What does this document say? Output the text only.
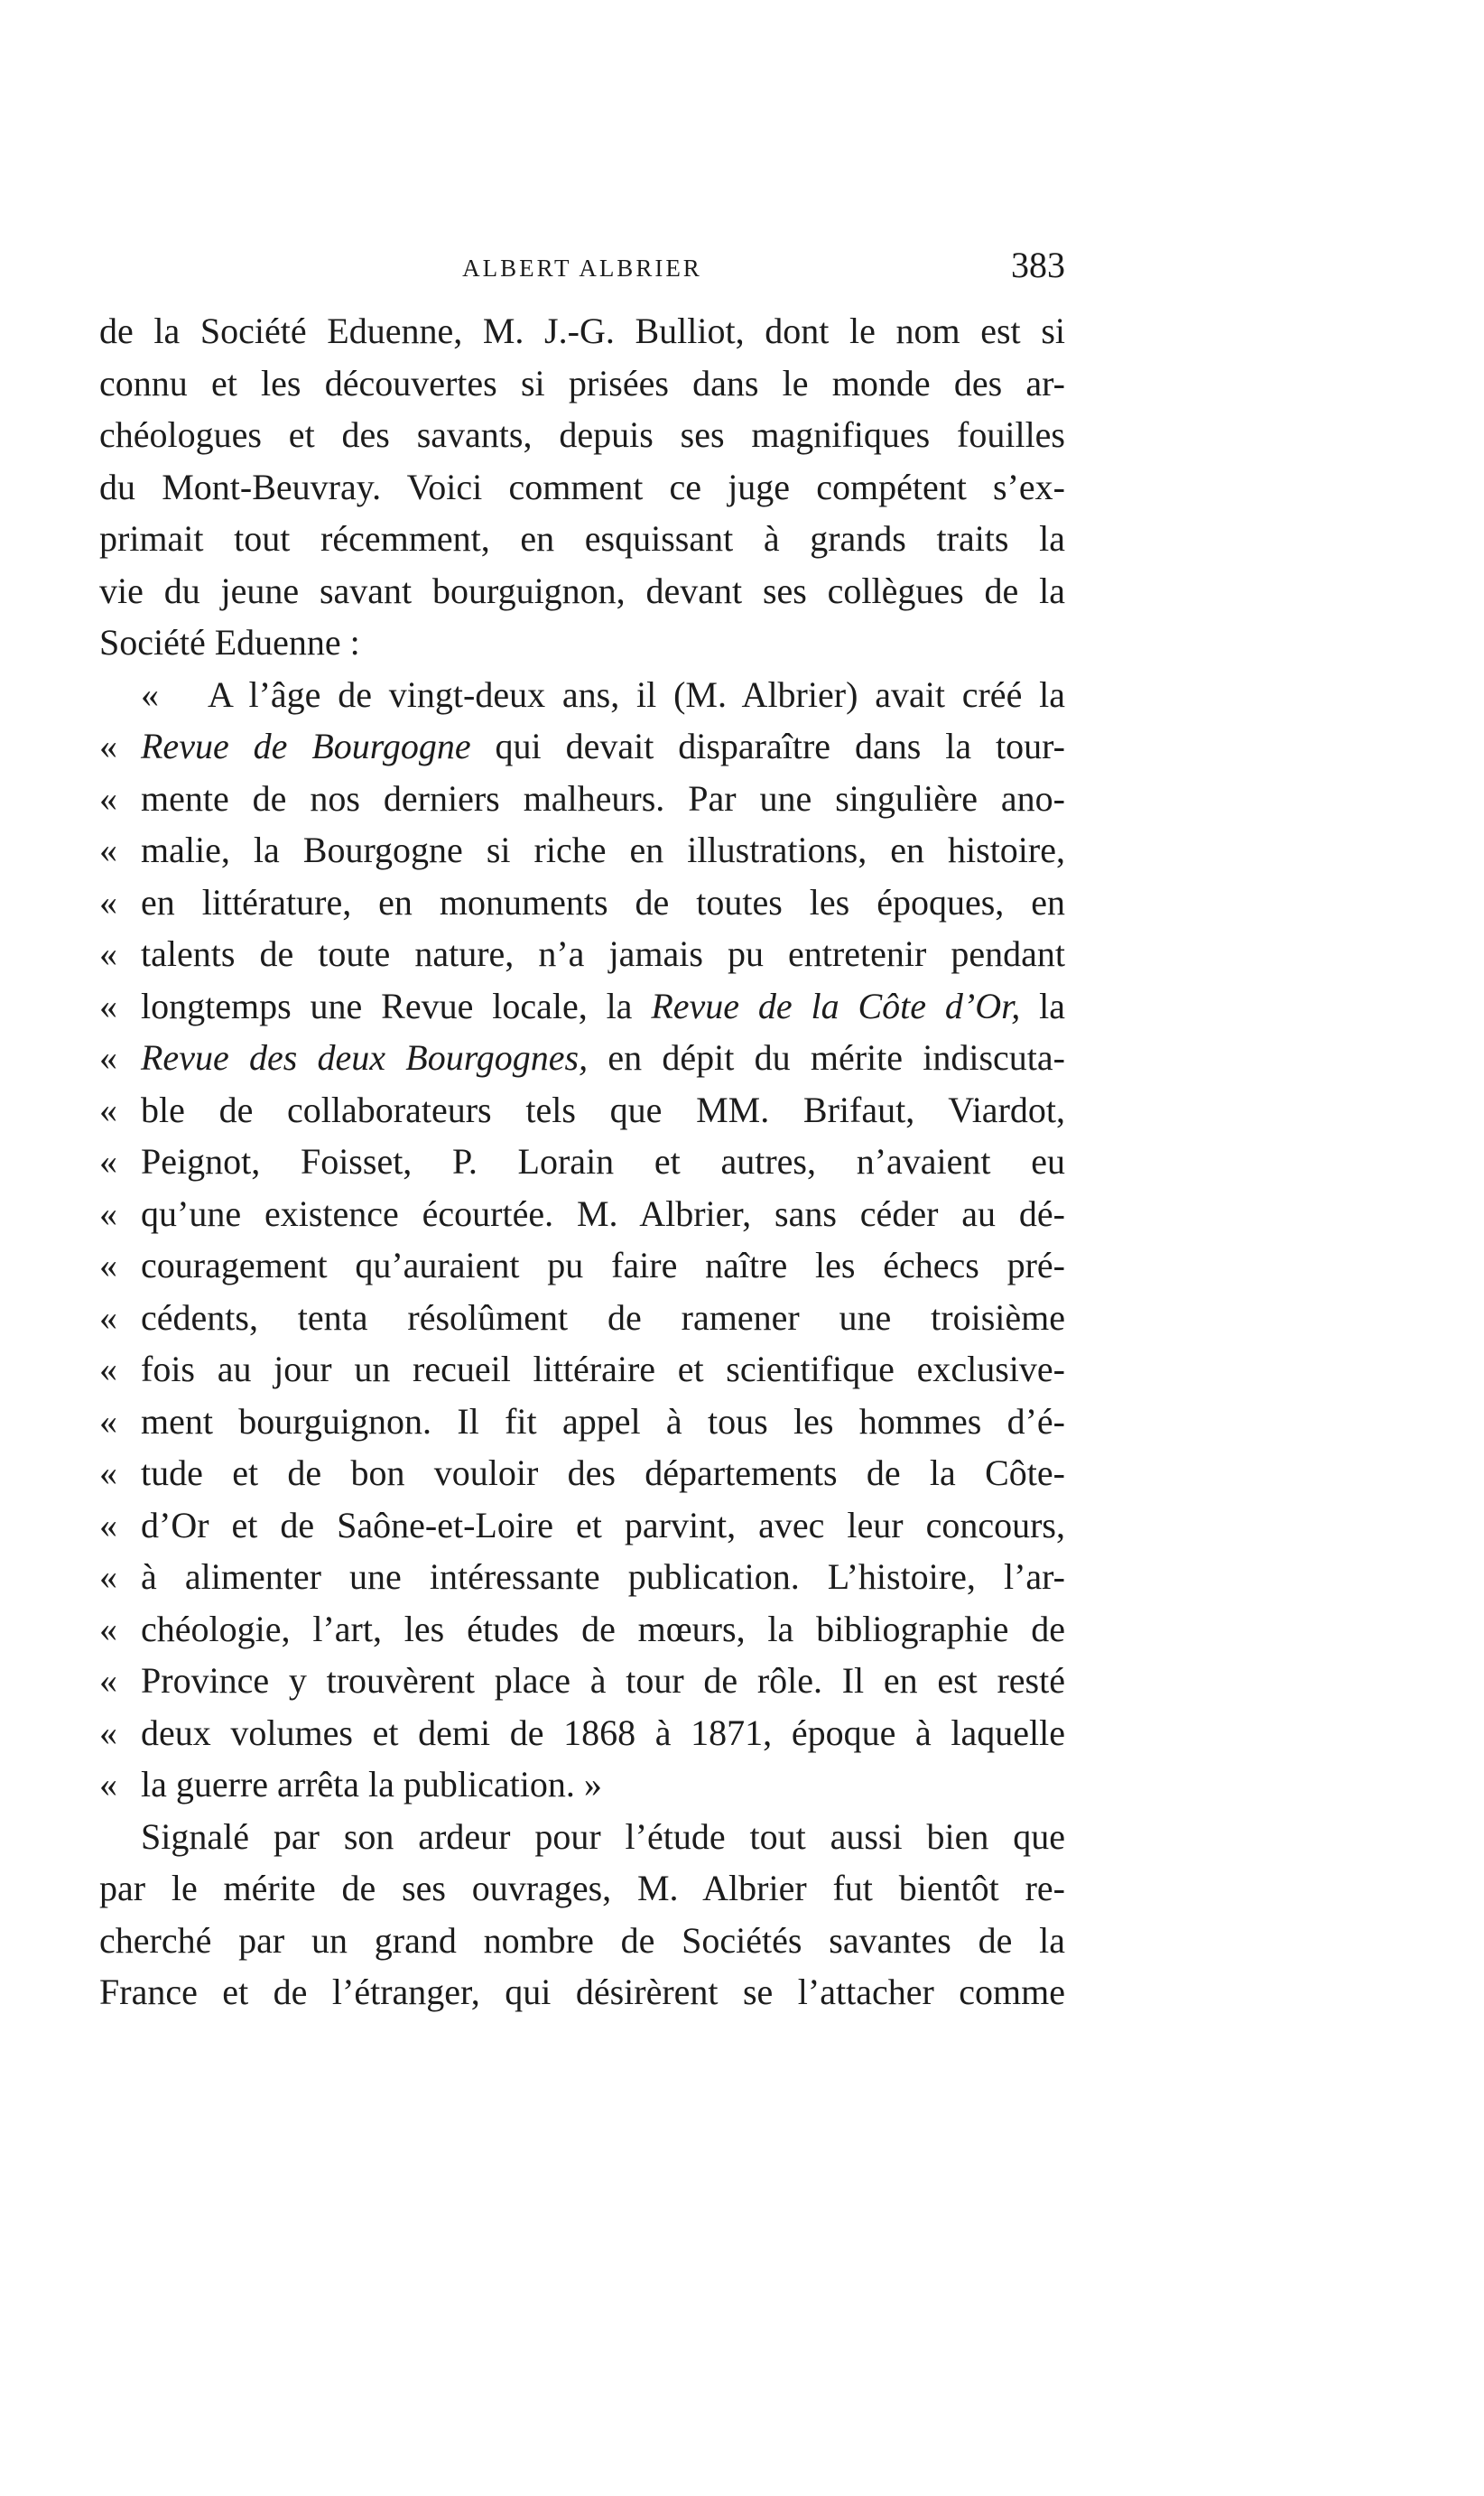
ALBERT ALBRIER	383
de la Société Eduenne, M. J.-G. Bulliot, dont le nom est si
connu et les découvertes si prisées dans le monde des ar-
chéologues et des savants, depuis ses magnifiques fouilles
du Mont-Beuvray. Voici comment ce juge compétent s’ex-
primait tout récemment, en esquissant à grands traits la
vie du jeune savant bourguignon, devant ses collègues de la
Société Eduenne :
« A l’âge de vingt-deux ans, il (M. Albrier) avait créé la
« Revue de Bourgogne qui devait disparaître dans la tour-
« mente de nos derniers malheurs. Par une singulière ano-
« malie, la Bourgogne si riche en illustrations, en histoire,
« en littérature, en monuments de toutes les époques, en
« talents de toute nature, n’a jamais pu entretenir pendant
« longtemps une Revue locale, la Revue de la Côte d’Or, la
« Revue des deux Bourgognes, en dépit du mérite indiscuta-
« ble de collaborateurs tels que MM. Brifaut, Viardot,
« Peignot, Foisset, P. Lorain et autres, n’avaient eu
« qu’une existence écourtée. M. Albrier, sans céder au dé-
« couragement qu’auraient pu faire naître les échecs pré-
« cédents, tenta résolûment de ramener une troisième
« fois au jour un recueil littéraire et scientifique exclusive-
« ment bourguignon. Il fit appel à tous les hommes d’é-
« tude et de bon vouloir des départements de la Côte-
« d’Or et de Saône-et-Loire et parvint, avec leur concours,
« à alimenter une intéressante publication. L’histoire, l’ar-
« chéologie, l’art, les études de mœurs, la bibliographie de
« Province y trouvèrent place à tour de rôle. Il en est resté
« deux volumes et demi de 1868 à 1871, époque à laquelle
« la guerre arrêta la publication. »
Signalé par son ardeur pour l’étude tout aussi bien que
par le mérite de ses ouvrages, M. Albrier fut bientôt re-
cherché par un grand nombre de Sociétés savantes de la
France et de l’étranger, qui désirèrent se l’attacher comme
